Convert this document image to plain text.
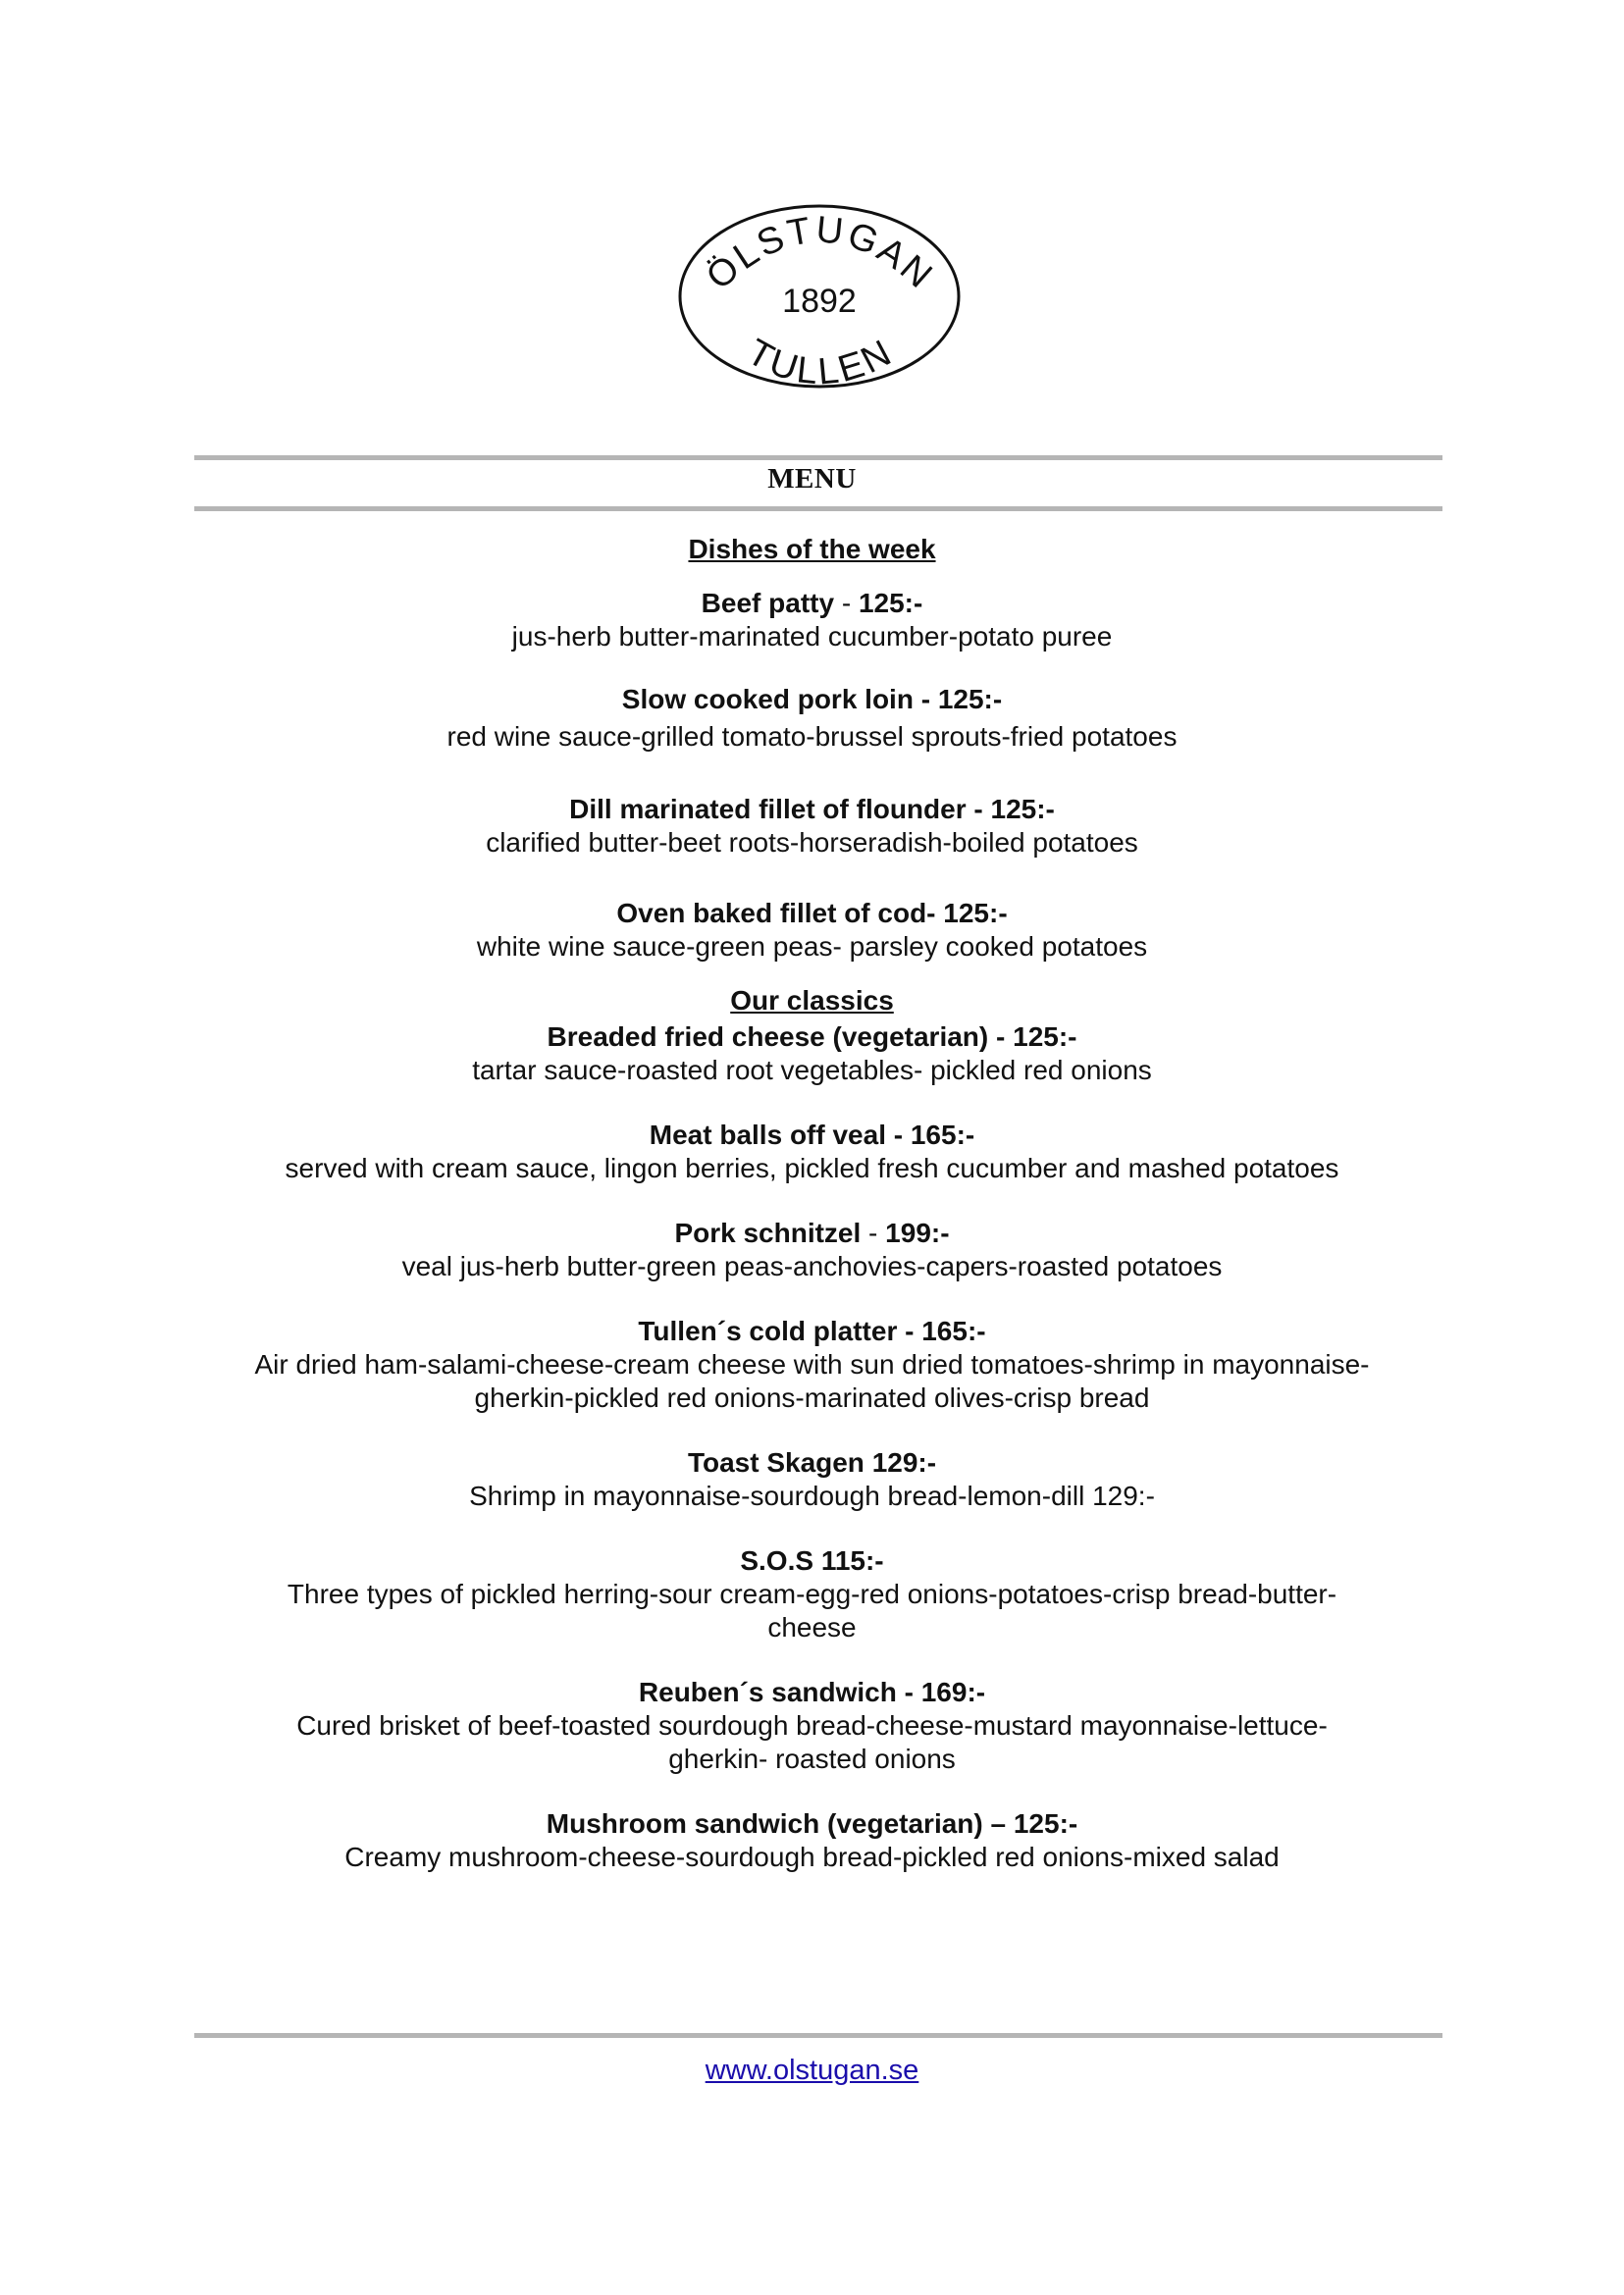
ÖLSTUGAN
1892
TULLEN
MENU
Dishes of the week
Beef patty - 125:-
jus-herb butter-marinated cucumber-potato puree
Slow cooked pork loin - 125:-
red wine sauce-grilled tomato-brussel sprouts-fried potatoes
Dill marinated fillet of flounder - 125:-
clarified butter-beet roots-horseradish-boiled potatoes
Oven baked fillet of cod- 125:-
white wine sauce-green peas- parsley cooked potatoes
Our classics
Breaded fried cheese (vegetarian) - 125:-
tartar sauce-roasted root vegetables- pickled red onions
Meat balls off veal - 165:-
served with cream sauce, lingon berries, pickled fresh cucumber and mashed potatoes
Pork schnitzel - 199:-
veal jus-herb butter-green peas-anchovies-capers-roasted potatoes
Tullen´s cold platter - 165:-
Air dried ham-salami-cheese-cream cheese with sun dried tomatoes-shrimp in mayonnaise-
gherkin-pickled red onions-marinated olives-crisp bread
Toast Skagen 129:-
Shrimp in mayonnaise-sourdough bread-lemon-dill 129:-
S.O.S 115:-
Three types of pickled herring-sour cream-egg-red onions-potatoes-crisp bread-butter-
cheese
Reuben´s sandwich - 169:-
Cured brisket of beef-toasted sourdough bread-cheese-mustard mayonnaise-lettuce-
gherkin- roasted onions
Mushroom sandwich (vegetarian) – 125:-
Creamy mushroom-cheese-sourdough bread-pickled red onions-mixed salad
www.olstugan.se
